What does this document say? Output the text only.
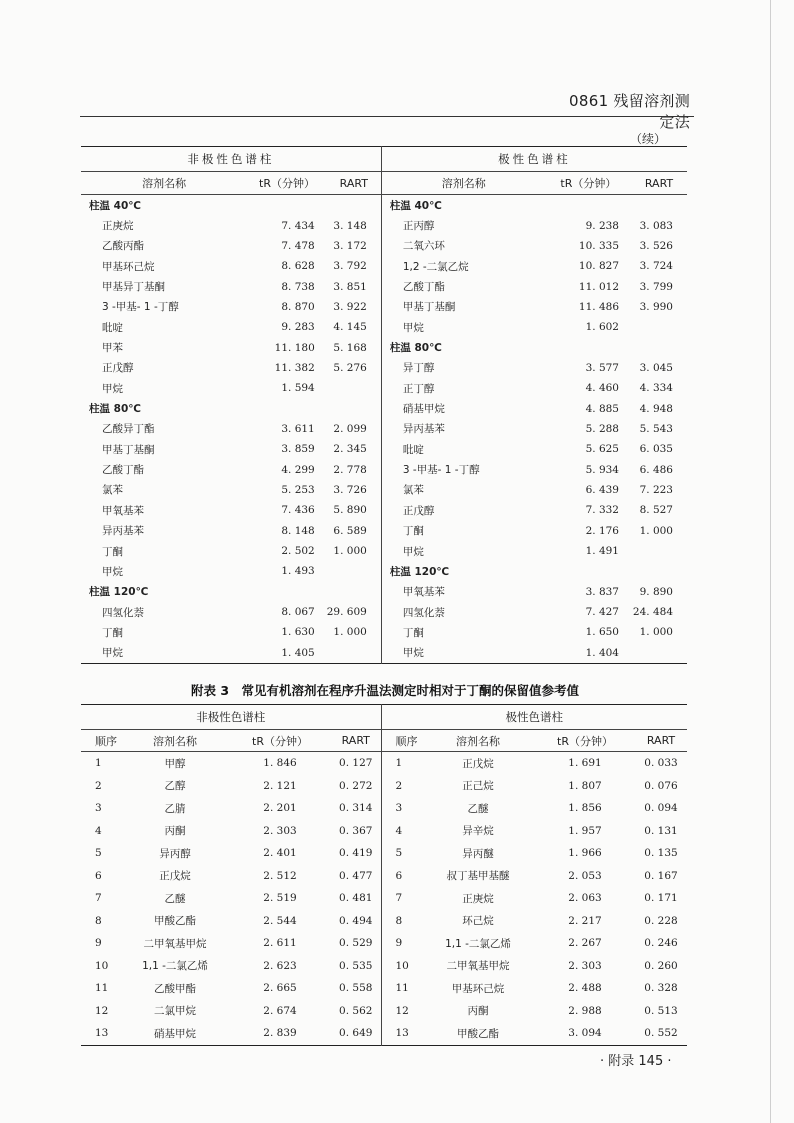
0861 残留溶剂测定法
（续）
非极性色谱柱			极性色谱柱		
溶剂名称	tR（分钟）	RART	溶剂名称	tR（分钟）	RART
柱温 40℃			柱温 40℃		
正庚烷	7. 434	3. 148	正丙醇	9. 238	3. 083
乙酸丙酯	7. 478	3. 172	二氧六环	10. 335	3. 526
甲基环己烷	8. 628	3. 792	1,2 -二氯乙烷	10. 827	3. 724
甲基异丁基酮	8. 738	3. 851	乙酸丁酯	11. 012	3. 799
3 -甲基- 1 -丁醇	8. 870	3. 922	甲基丁基酮	11. 486	3. 990
吡啶	9. 283	4. 145	甲烷	1. 602	
甲苯	11. 180	5. 168	柱温 80℃		
正戊醇	11. 382	5. 276	异丁醇	3. 577	3. 045
甲烷	1. 594		正丁醇	4. 460	4. 334
柱温 80℃			硝基甲烷	4. 885	4. 948
乙酸异丁酯	3. 611	2. 099	异丙基苯	5. 288	5. 543
甲基丁基酮	3. 859	2. 345	吡啶	5. 625	6. 035
乙酸丁酯	4. 299	2. 778	3 -甲基- 1 -丁醇	5. 934	6. 486
氯苯	5. 253	3. 726	氯苯	6. 439	7. 223
甲氧基苯	7. 436	5. 890	正戊醇	7. 332	8. 527
异丙基苯	8. 148	6. 589	丁酮	2. 176	1. 000
丁酮	2. 502	1. 000	甲烷	1. 491	
甲烷	1. 493		柱温 120℃		
柱温 120℃			甲氧基苯	3. 837	9. 890
四氢化萘	8. 067	29. 609	四氢化萘	7. 427	24. 484
丁酮	1. 630	1. 000	丁酮	1. 650	1. 000
甲烷	1. 405		甲烷	1. 404	
附表 3　常见有机溶剂在程序升温法测定时相对于丁酮的保留值参考值
非极性色谱柱				极性色谱柱			
顺序	溶剂名称	tR（分钟）	RART	顺序	溶剂名称	tR（分钟）	RART
1	甲醇	1. 846	0. 127	1	正戊烷	1. 691	0. 033
2	乙醇	2. 121	0. 272	2	正己烷	1. 807	0. 076
3	乙腈	2. 201	0. 314	3	乙醚	1. 856	0. 094
4	丙酮	2. 303	0. 367	4	异辛烷	1. 957	0. 131
5	异丙醇	2. 401	0. 419	5	异丙醚	1. 966	0. 135
6	正戊烷	2. 512	0. 477	6	叔丁基甲基醚	2. 053	0. 167
7	乙醚	2. 519	0. 481	7	正庚烷	2. 063	0. 171
8	甲酸乙酯	2. 544	0. 494	8	环己烷	2. 217	0. 228
9	二甲氧基甲烷	2. 611	0. 529	9	1,1 -二氯乙烯	2. 267	0. 246
10	1,1 -二氯乙烯	2. 623	0. 535	10	二甲氧基甲烷	2. 303	0. 260
11	乙酸甲酯	2. 665	0. 558	11	甲基环己烷	2. 488	0. 328
12	二氯甲烷	2. 674	0. 562	12	丙酮	2. 988	0. 513
13	硝基甲烷	2. 839	0. 649	13	甲酸乙酯	3. 094	0. 552
· 附录 145 ·
